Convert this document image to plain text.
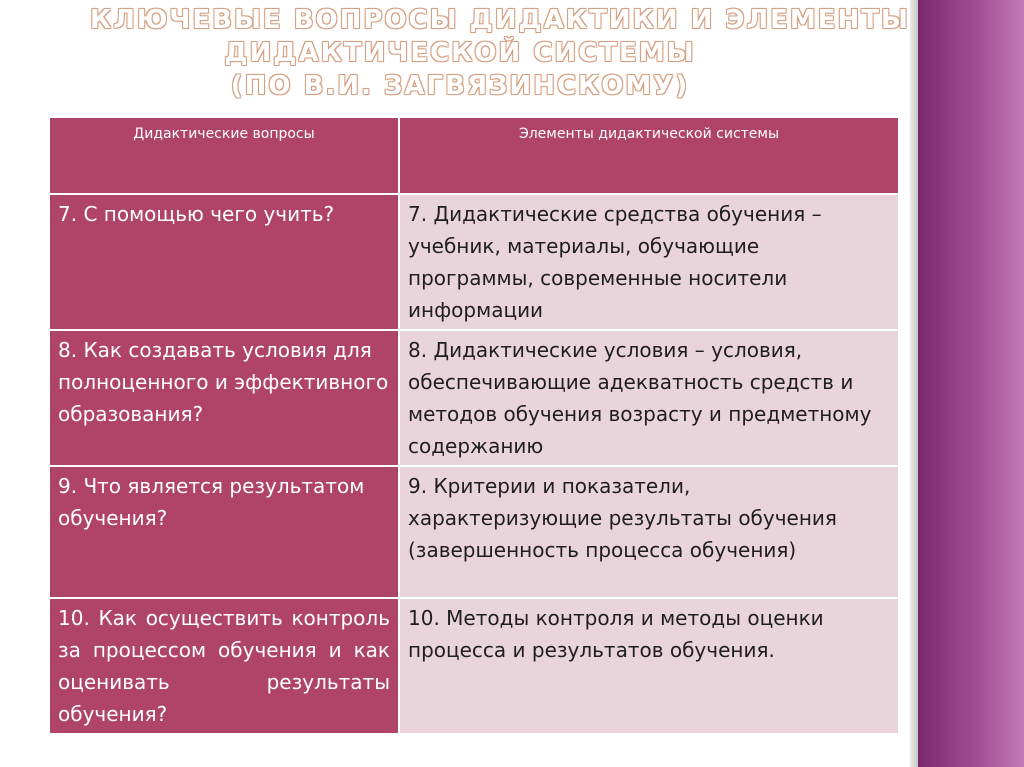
КЛЮЧЕВЫЕ ВОПРОСЫ ДИДАКТИКИ И ЭЛЕМЕНТЫ
ДИДАКТИЧЕСКОЙ СИСТЕМЫ
(ПО В.И. ЗАГВЯЗИНСКОМУ)
Дидактические вопросы	Элементы дидактической системы
7. С помощью чего учить?	7. Дидактические средства обучения – учебник, материалы, обучающие программы, современные носители информации
8. Как создавать условия для полноценного и эффективного образования?	8. Дидактические условия – условия, обеспечивающие адекватность средств и методов обучения возрасту и предметному содержанию
9. Что является результатом обучения?	9. Критерии и показатели, характеризующие результаты обучения (завершенность процесса обучения)
10. Как осуществить контроль за процессом обучения и как оценивать результаты обучения?	10. Методы контроля и методы оценки процесса и результатов обучения.
